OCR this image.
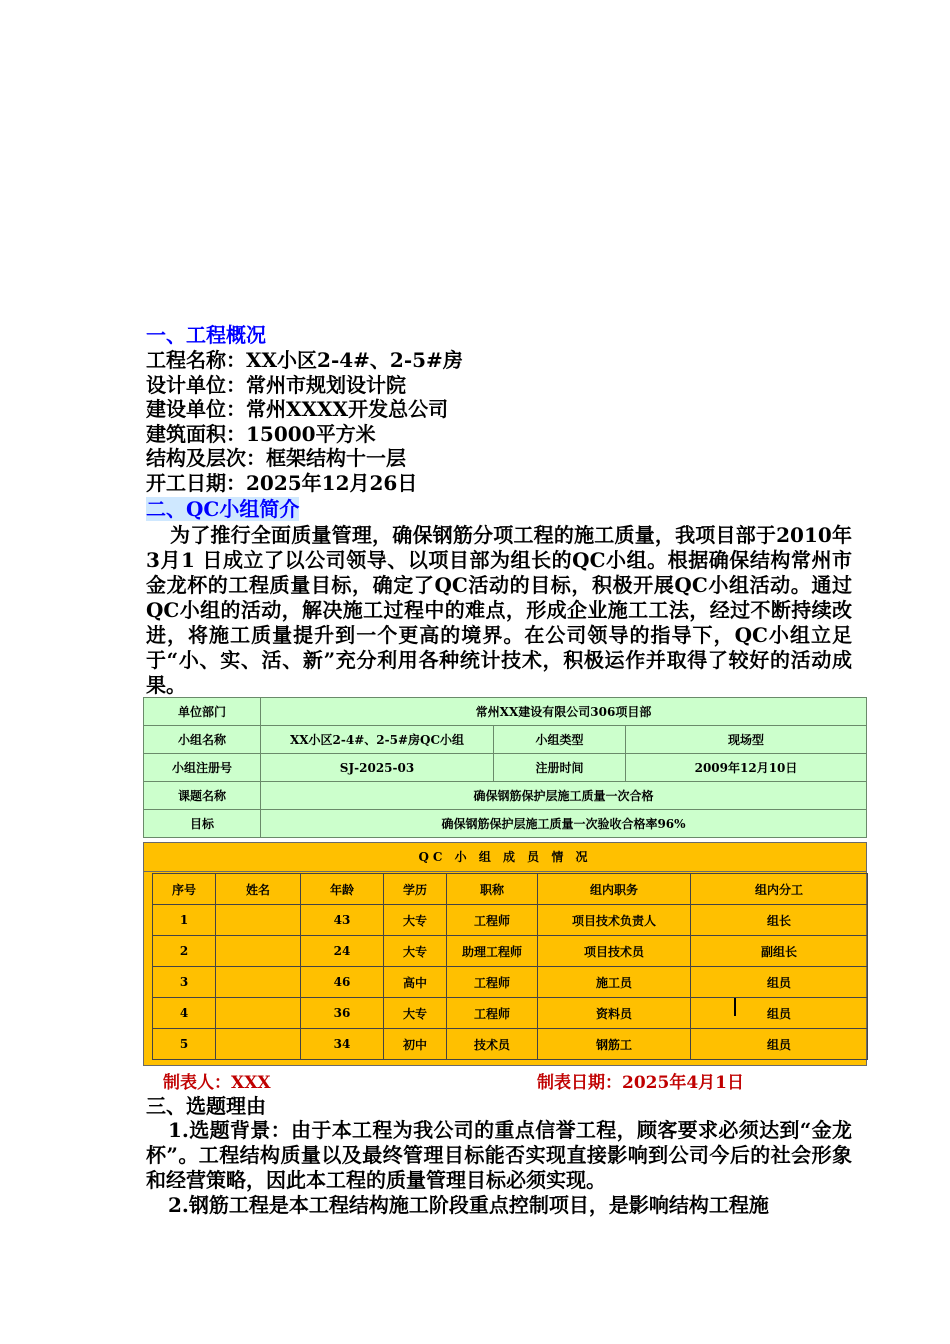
一、工程概况
工程名称：XX小区2-4#、2-5#房
设计单位：常州市规划设计院
建设单位：常州XXXX开发总公司
建筑面积：15000平方米
结构及层次：框架结构十一层
开工日期：2025年12月26日
二、QC小组简介

为了推行全面质量管理，确保钢筋分项工程的施工质量，我项目部于2010年3月1 日成立了以公司领导、以项目部为组长的QC小组。根据确保结构常州市金龙杯的工程质量目标，确定了QC活动的目标，积极开展QC小组活动。通过QC小组的活动，解决施工过程中的难点，形成企业施工工法，经过不断持续改进，将施工质量提升到一个更高的境界。在公司领导的指导下，QC小组立足于“小、实、活、新”充分利用各种统计技术，积极运作并取得了较好的活动成果。

单位部门	常州XX建设有限公司306项目部		
小组名称	XX小区2-4#、2-5#房QC小组	小组类型	现场型
小组注册号	SJ-2025-03	注册时间	2009年12月10日
课题名称	确保钢筋保护层施工质量一次合格		
目标	确保钢筋保护层施工质量一次验收合格率96%		
QC 小 组 成 员 情 况
序号	姓名	年龄	学历	职称	组内职务	组内分工
1		43	大专	工程师	项目技术负责人	组长
2		24	大专	助理工程师	项目技术员	副组长
3		46	高中	工程师	施工员	组员
4		36	大专	工程师	资料员	组员
5		34	初中	技术员	钢筋工	组员
制表人：XXX	制表日期：2025年4月1日
三、选题理由

1.选题背景：由于本工程为我公司的重点信誉工程，顾客要求必须达到“金龙杯”。工程结构质量以及最终管理目标能否实现直接影响到公司今后的社会形象和经营策略，因此本工程的质量管理目标必须实现。

2.钢筋工程是本工程结构施工阶段重点控制项目，是影响结构工程施
